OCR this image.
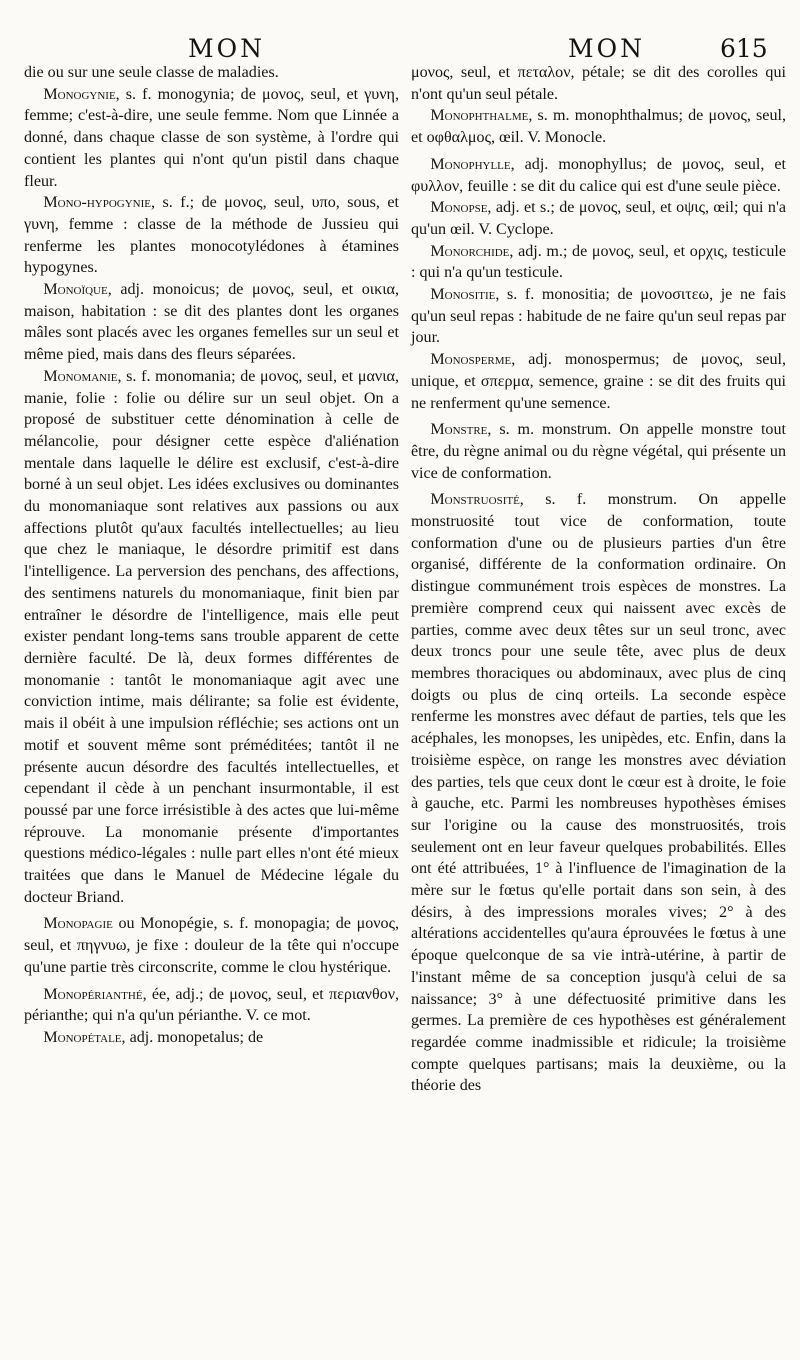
MON	MON	615

die ou sur une seule classe de maladies.

Monogynie, s. f. monogynia; de μονος, seul, et γυνη, femme; c'est-à-dire, une seule femme. Nom que Linnée a donné, dans chaque classe de son système, à l'ordre qui contient les plantes qui n'ont qu'un pistil dans chaque fleur.

Mono-hypogynie, s. f.; de μονος, seul, υπο, sous, et γυνη, femme : classe de la méthode de Jussieu qui renferme les plantes monocotylédones à étamines hypogynes.

Monoïque, adj. monoicus; de μονος, seul, et οικια, maison, habitation : se dit des plantes dont les organes mâles sont placés avec les organes femelles sur un seul et même pied, mais dans des fleurs séparées.

Monomanie, s. f. monomania; de μονος, seul, et μανια, manie, folie : folie ou délire sur un seul objet. On a proposé de substituer cette dénomination à celle de mélancolie, pour désigner cette espèce d'aliénation mentale dans laquelle le délire est exclusif, c'est-à-dire borné à un seul objet. Les idées exclusives ou dominantes du monomaniaque sont relatives aux passions ou aux affections plutôt qu'aux facultés intellectuelles; au lieu que chez le maniaque, le désordre primitif est dans l'intelligence. La perversion des penchans, des affections, des sentimens naturels du monomaniaque, finit bien par entraîner le désordre de l'intelligence, mais elle peut exister pendant long-tems sans trouble apparent de cette dernière faculté. De là, deux formes différentes de monomanie : tantôt le monomaniaque agit avec une conviction intime, mais délirante; sa folie est évidente, mais il obéit à une impulsion réfléchie; ses actions ont un motif et souvent même sont préméditées; tantôt il ne présente aucun désordre des facultés intellectuelles, et cependant il cède à un penchant insurmontable, il est poussé par une force irrésistible à des actes que lui-même réprouve. La monomanie présente d'importantes questions médico-légales : nulle part elles n'ont été mieux traitées que dans le Manuel de Médecine légale du docteur Briand.

Monopagie ou Monopégie, s. f. monopagia; de μονος, seul, et πηγνυω, je fixe : douleur de la tête qui n'occupe qu'une partie très circonscrite, comme le clou hystérique.

Monopérianthé, ée, adj.; de μονος, seul, et περιανθον, périanthe; qui n'a qu'un périanthe. V. ce mot.

Monopétale, adj. monopetalus; de

μονος, seul, et πεταλον, pétale; se dit des corolles qui n'ont qu'un seul pétale.

Monophthalme, s. m. monophthalmus; de μονος, seul, et οφθαλμος, œil. V. Monocle.

Monophylle, adj. monophyllus; de μονος, seul, et φυλλον, feuille : se dit du calice qui est d'une seule pièce.

Monopse, adj. et s.; de μονος, seul, et οψις, œil; qui n'a qu'un œil. V. Cyclope.

Monorchide, adj. m.; de μονος, seul, et ορχις, testicule : qui n'a qu'un testicule.

Monositie, s. f. monositia; de μονοσιτεω, je ne fais qu'un seul repas : habitude de ne faire qu'un seul repas par jour.

Monosperme, adj. monospermus; de μονος, seul, unique, et σπερμα, semence, graine : se dit des fruits qui ne renferment qu'une semence.

Monstre, s. m. monstrum. On appelle monstre tout être, du règne animal ou du règne végétal, qui présente un vice de conformation.

Monstruosité, s. f. monstrum. On appelle monstruosité tout vice de conformation, toute conformation d'une ou de plusieurs parties d'un être organisé, différente de la conformation ordinaire. On distingue communément trois espèces de monstres. La première comprend ceux qui naissent avec excès de parties, comme avec deux têtes sur un seul tronc, avec deux troncs pour une seule tête, avec plus de deux membres thoraciques ou abdominaux, avec plus de cinq doigts ou plus de cinq orteils. La seconde espèce renferme les monstres avec défaut de parties, tels que les acéphales, les monopses, les unipèdes, etc. Enfin, dans la troisième espèce, on range les monstres avec déviation des parties, tels que ceux dont le cœur est à droite, le foie à gauche, etc. Parmi les nombreuses hypothèses émises sur l'origine ou la cause des monstruosités, trois seulement ont en leur faveur quelques probabilités. Elles ont été attribuées, 1° à l'influence de l'imagination de la mère sur le fœtus qu'elle portait dans son sein, à des désirs, à des impressions morales vives; 2° à des altérations accidentelles qu'aura éprouvées le fœtus à une époque quelconque de sa vie intrà-utérine, à partir de l'instant même de sa conception jusqu'à celui de sa naissance; 3° à une défectuosité primitive dans les germes. La première de ces hypothèses est généralement regardée comme inadmissible et ridicule; la troisième compte quelques partisans; mais la deuxième, ou la théorie des
